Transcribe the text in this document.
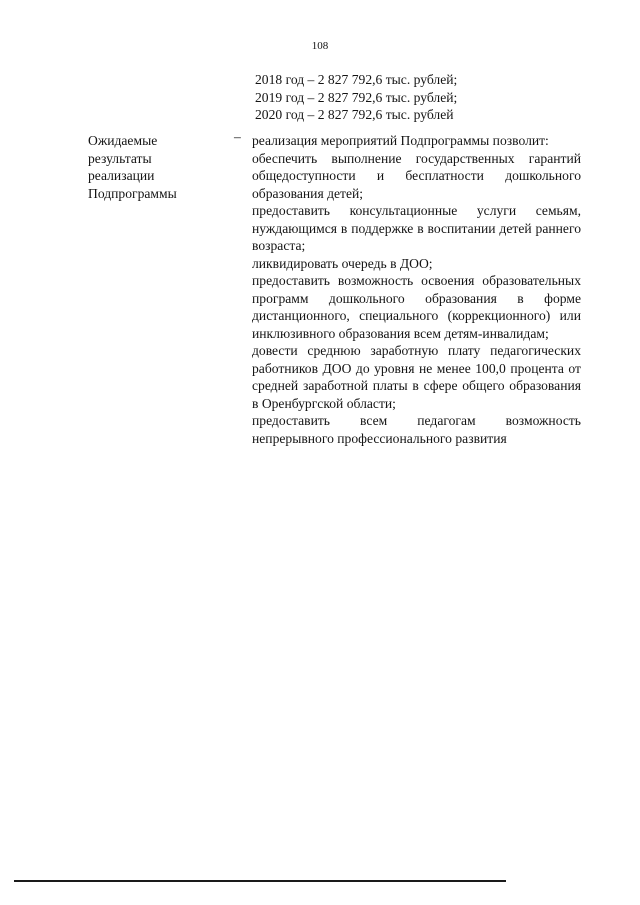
108
2018 год – 2 827 792,6 тыс. рублей;
2019 год – 2 827 792,6 тыс. рублей;
2020 год – 2 827 792,6 тыс. рублей
Ожидаемые
результаты
реализации
Подпрограммы
– реализация мероприятий Подпрограммы позволит:

обеспечить выполнение государственных гарантий общедоступности и бесплатности дошкольного образования детей;

предоставить консультационные услуги семьям, нуждающимся в поддержке в воспитании детей раннего возраста;

ликвидировать очередь в ДОО;

предоставить возможность освоения образовательных программ дошкольного образования в форме дистанционного, специального (коррекционного) или инклюзивного образования всем детям-инвалидам;

довести среднюю заработную плату педагогических работников ДОО до уровня не менее 100,0 процента от средней заработной платы в сфере общего образования в Оренбургской области;

предоставить всем педагогам возможность непрерывного профессионального развития
